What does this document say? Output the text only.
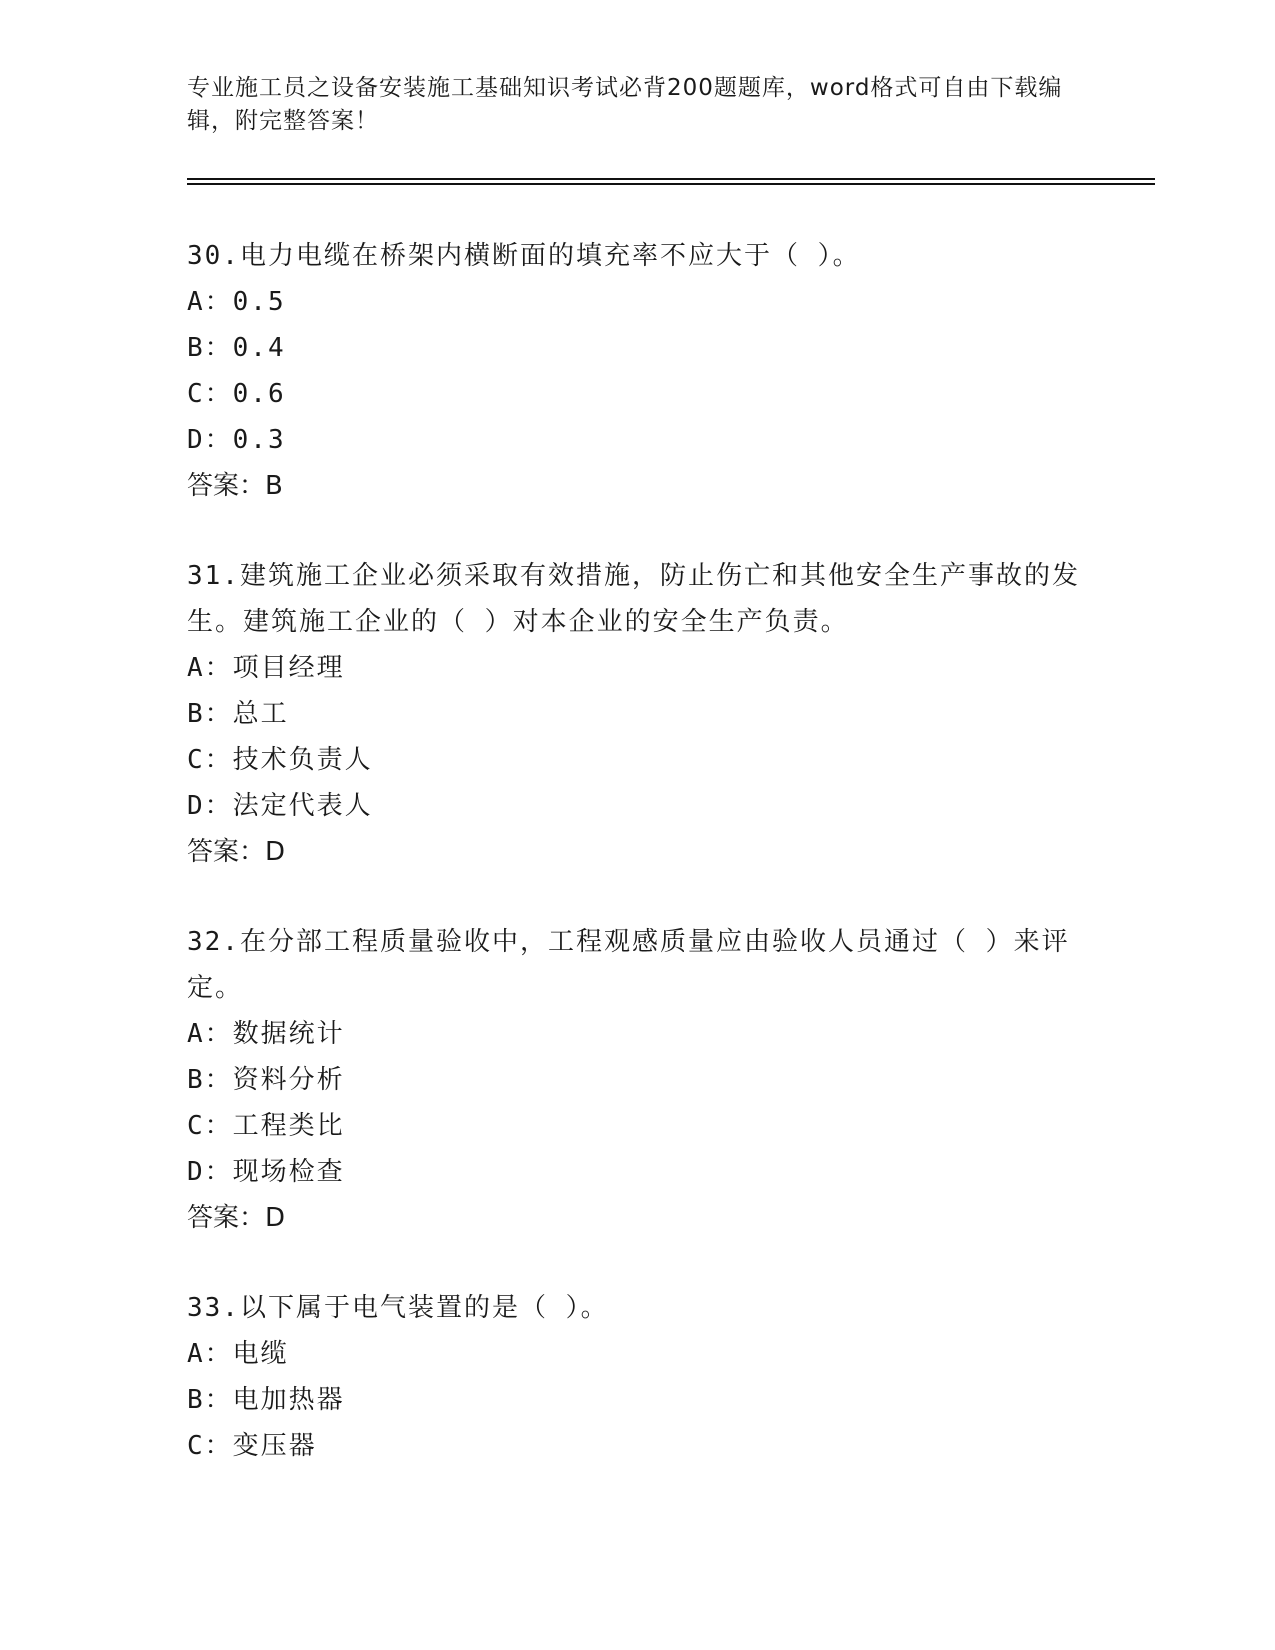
专业施工员之设备安装施工基础知识考试必背200题题库，word格式可自由下载编辑，附完整答案！

30.电力电缆在桥架内横断面的填充率不应大于（ ）。

A：0.5

B：0.4

C：0.6

D：0.3

答案：B

31.建筑施工企业必须采取有效措施，防止伤亡和其他安全生产事故的发生。建筑施工企业的（ ）对本企业的安全生产负责。

A：项目经理

B：总工

C：技术负责人

D：法定代表人

答案：D

32.在分部工程质量验收中，工程观感质量应由验收人员通过（ ）来评定。

A：数据统计

B：资料分析

C：工程类比

D：现场检查

答案：D

33.以下属于电气装置的是（ ）。

A：电缆

B：电加热器

C：变压器
